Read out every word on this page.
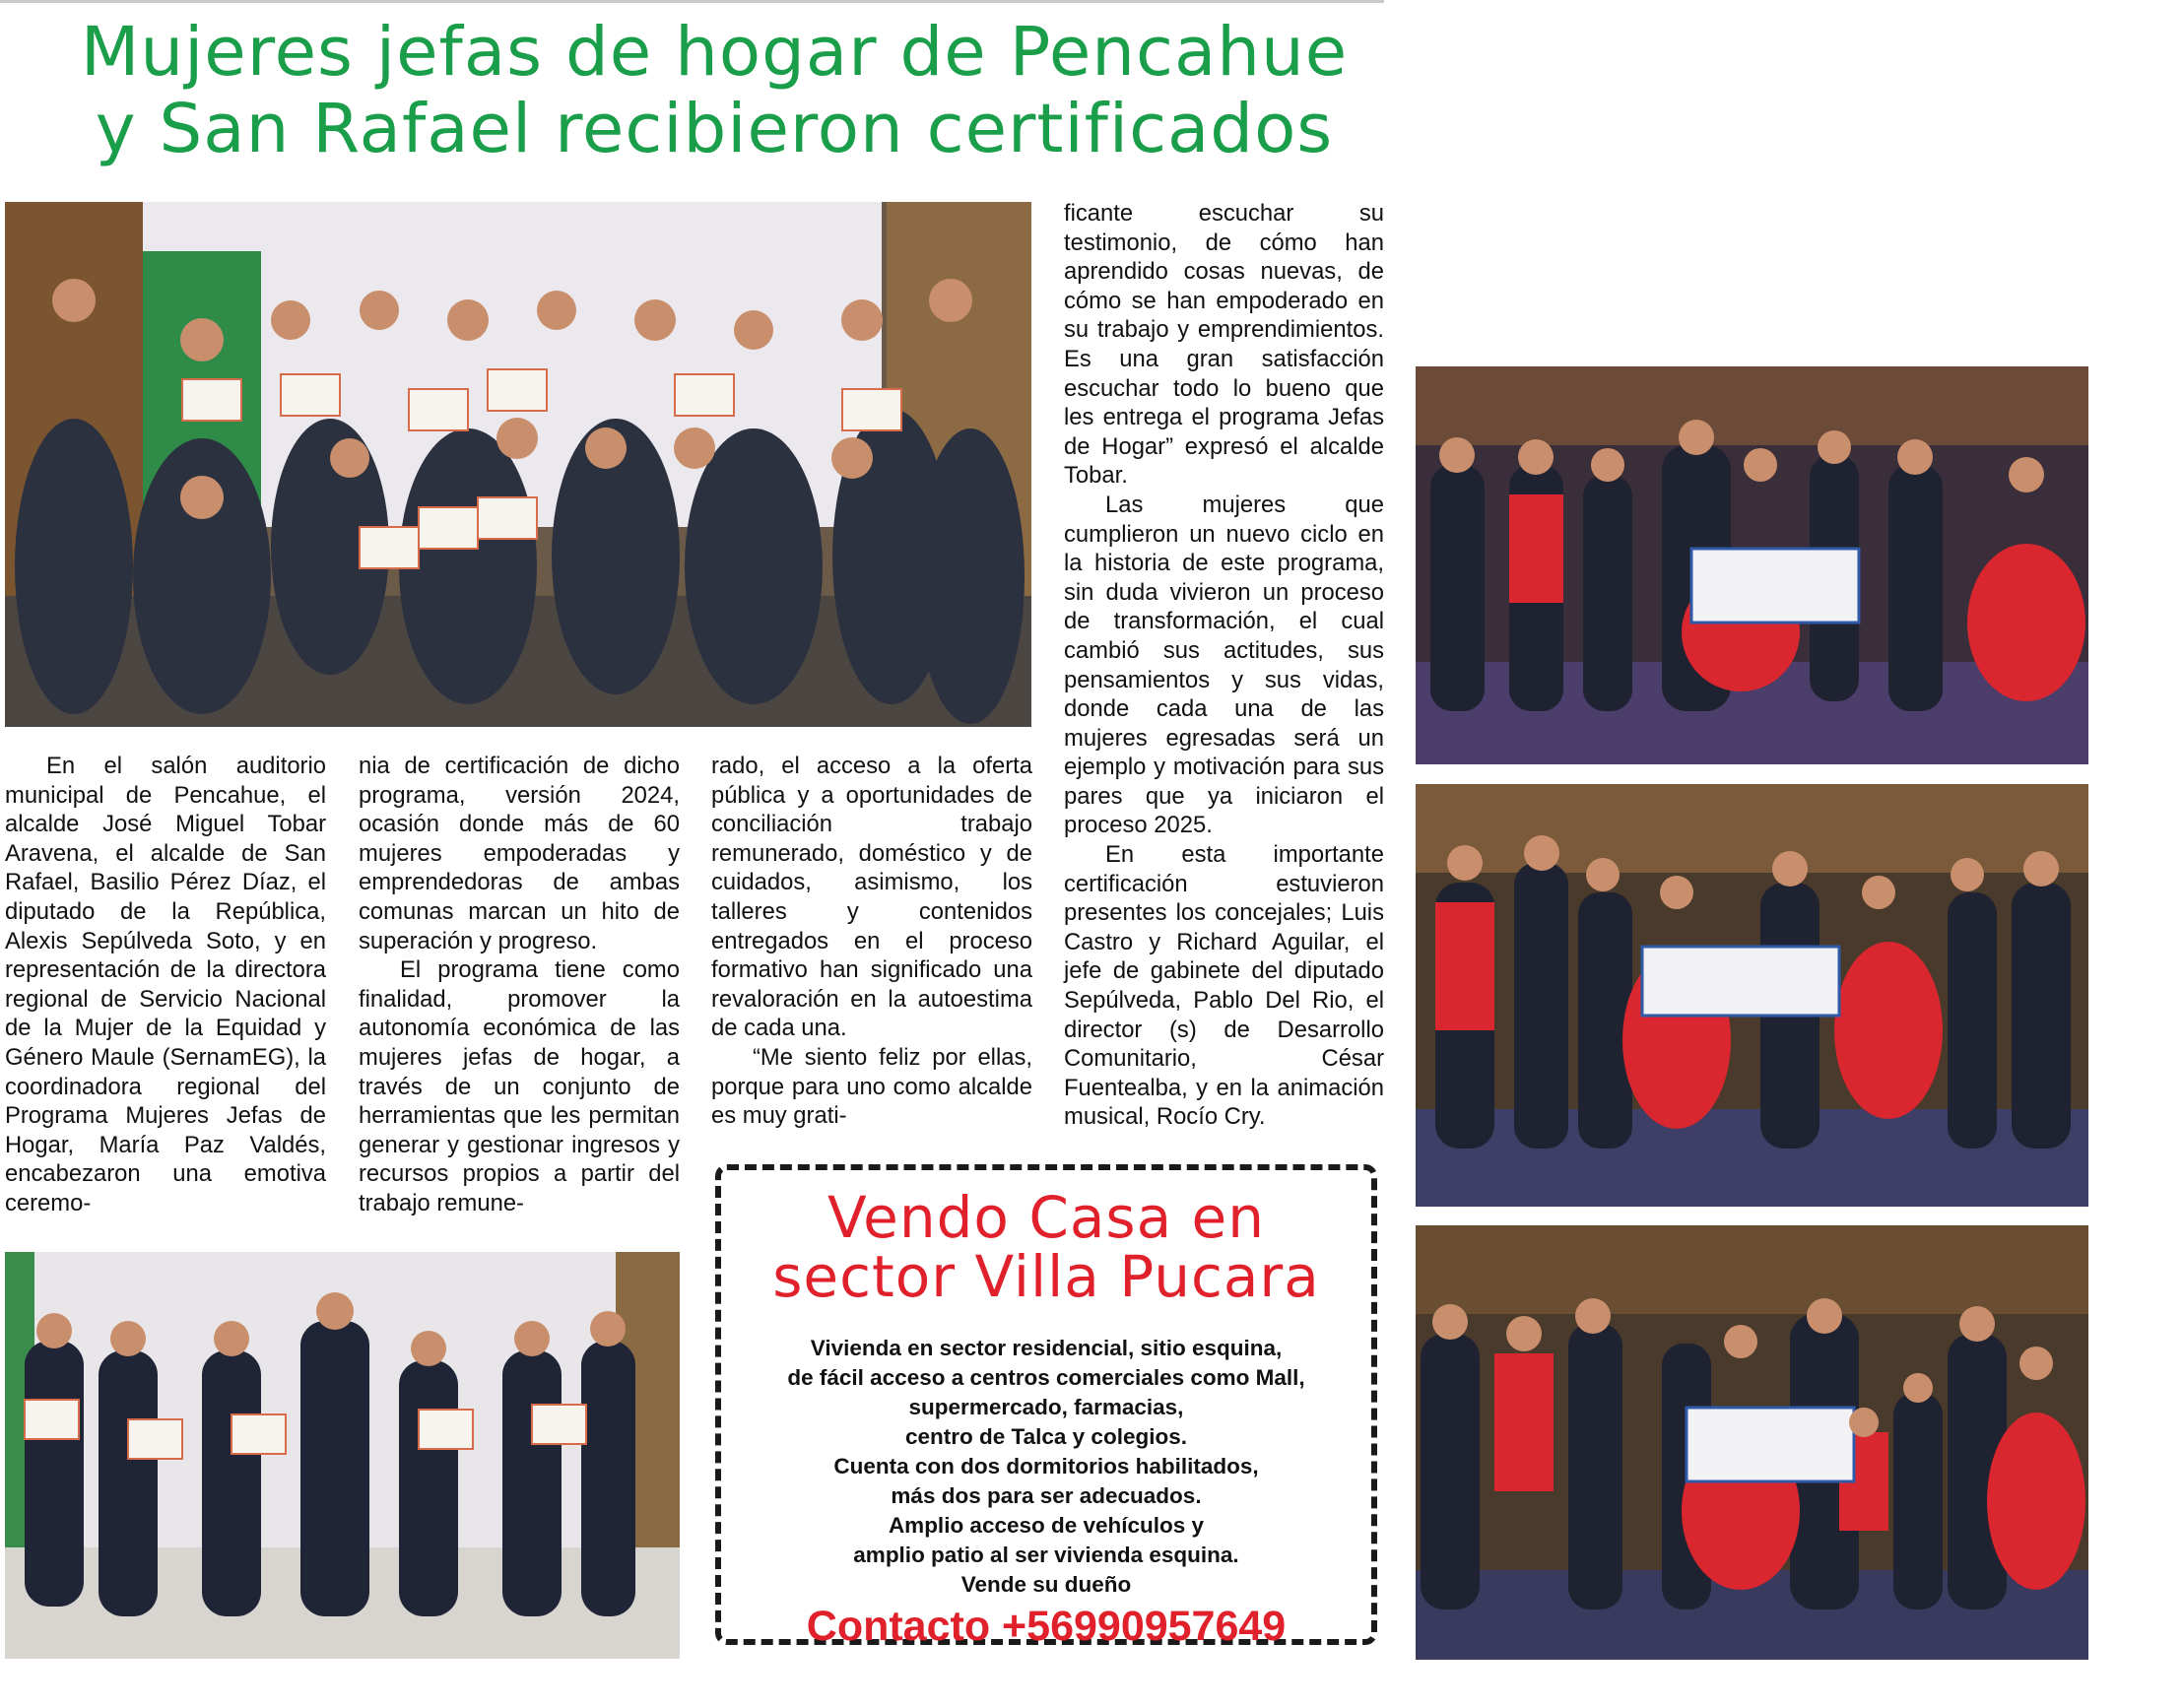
Mujeres jefas de hogar de Pencahue
y San Rafael recibieron certificados

En el salón auditorio municipal de Pencahue, el alcalde José Miguel Tobar Aravena, el alcalde de San Rafael, Basilio Pérez Díaz, el diputado de la República, Alexis Sepúlveda Soto, y en representación de la directora regional de Servicio Nacional de la Mujer de la Equidad y Género Maule (SernamEG), la coordinadora regional del Programa Mujeres Jefas de Hogar, María Paz Valdés, encabezaron una emotiva ceremo-

nia de certificación de dicho programa, versión 2024, ocasión donde más de 60 mujeres empoderadas y emprendedoras de ambas comunas marcan un hito de superación y progreso.

El programa tiene como finalidad, promover la autonomía económica de las mujeres jefas de hogar, a través de un conjunto de herramientas que les permitan generar y gestionar ingresos y recursos propios a partir del trabajo remune-

rado, el acceso a la oferta pública y a oportunidades de conciliación trabajo remunerado, doméstico y de cuidados, asimismo, los talleres y contenidos entregados en el proceso formativo han significado una revaloración en la autoestima de cada una.

“Me siento feliz por ellas, porque para uno como alcalde es muy grati-

ficante escuchar su testimonio, de cómo han aprendido cosas nuevas, de cómo se han empoderado en su trabajo y emprendimientos. Es una gran satisfacción escuchar todo lo bueno que les entrega el programa Jefas de Hogar” expresó el alcalde Tobar.

Las mujeres que cumplieron un nuevo ciclo en la historia de este programa, sin duda vivieron un proceso de transformación, el cual cambió sus actitudes, sus pensamientos y sus vidas, donde cada una de las mujeres egresadas será un ejemplo y motivación para sus pares que ya iniciaron el proceso 2025.

En esta importante certificación estuvieron presentes los concejales; Luis Castro y Richard Aguilar, el jefe de gabinete del diputado Sepúlveda, Pablo Del Rio, el director (s) de Desarrollo Comunitario, César Fuentealba, y en la animación musical, Rocío Cry.

Vendo Casa en
sector Villa Pucara
Vivienda en sector residencial, sitio esquina,
de fácil acceso a centros comerciales como Mall,
supermercado, farmacias,
centro de Talca y colegios.
Cuenta con dos dormitorios habilitados,
más dos para ser adecuados.
Amplio acceso de vehículos y
amplio patio al ser vivienda esquina.
Vende su dueño
Contacto +56990957649
